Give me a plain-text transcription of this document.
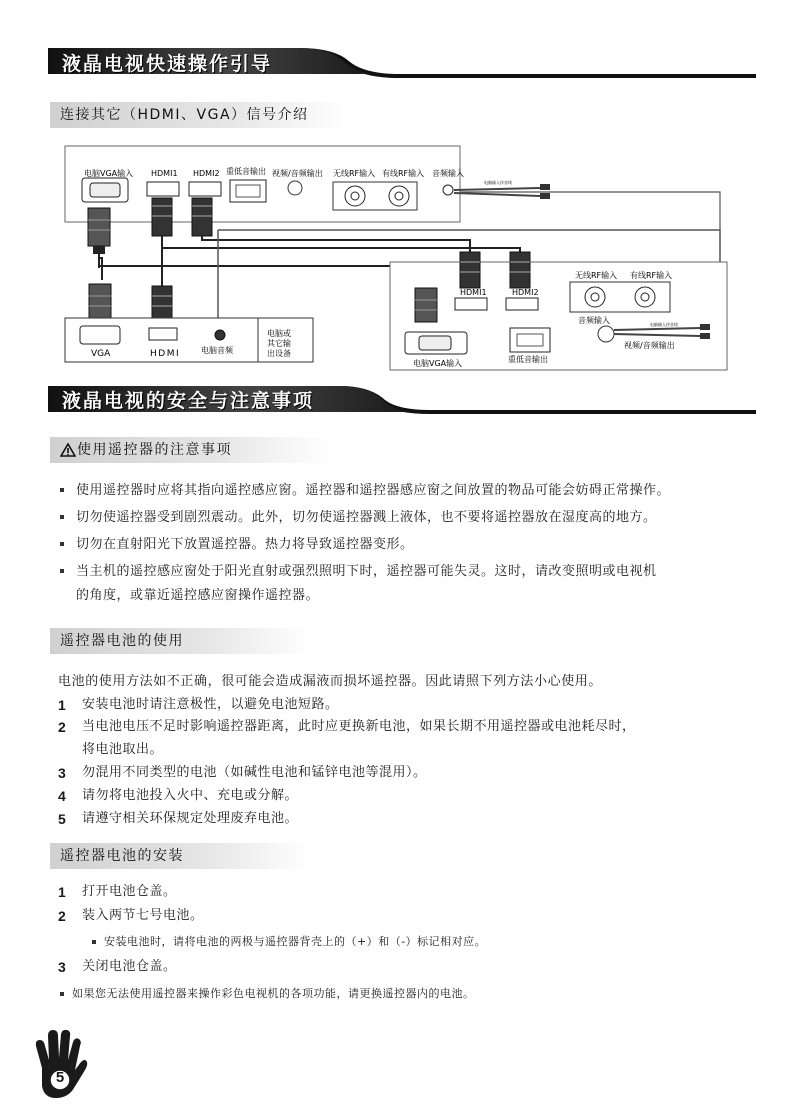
液晶电视快速操作引导
连接其它（HDMI、VGA）信号介绍
电脑VGA输入 HDMI1 HDMI2 重低音输出 视频/音频输出 无线RF输入 有线RF输入 音频输入
电脑输入伴音线
VGA	HDMI	电脑音频
电脑或
其它输
出设备
HDMI1	HDMI2
电脑VGA输入	重低音输出
无线RF输入 有线RF输入
音频输入
视频/音频输出
电脑输入伴音线
液晶电视的安全与注意事项
使用遥控器的注意事项
使用遥控器时应将其指向遥控感应窗。遥控器和遥控器感应窗之间放置的物品可能会妨碍正常操作。
切勿使遥控器受到剧烈震动。此外，切勿使遥控器溅上液体，也不要将遥控器放在湿度高的地方。
切勿在直射阳光下放置遥控器。热力将导致遥控器变形。
当主机的遥控感应窗处于阳光直射或强烈照明下时，遥控器可能失灵。这时，请改变照明或电视机
的角度，或靠近遥控感应窗操作遥控器。
遥控器电池的使用
电池的使用方法如不正确，很可能会造成漏液而损坏遥控器。因此请照下列方法小心使用。
1	安装电池时请注意极性，以避免电池短路。
2	当电池电压不足时影响遥控器距离，此时应更换新电池，如果长期不用遥控器或电池耗尽时，
将电池取出。
3	勿混用不同类型的电池（如碱性电池和锰锌电池等混用）。
4	请勿将电池投入火中、充电或分解。
5	请遵守相关环保规定处理废弃电池。
遥控器电池的安装
1	打开电池仓盖。
2	装入两节七号电池。
安装电池时，请将电池的两极与遥控器背壳上的（+）和（-）标记相对应。
3	关闭电池仓盖。
如果您无法使用遥控器来操作彩色电视机的各项功能，请更换遥控器内的电池。
5
